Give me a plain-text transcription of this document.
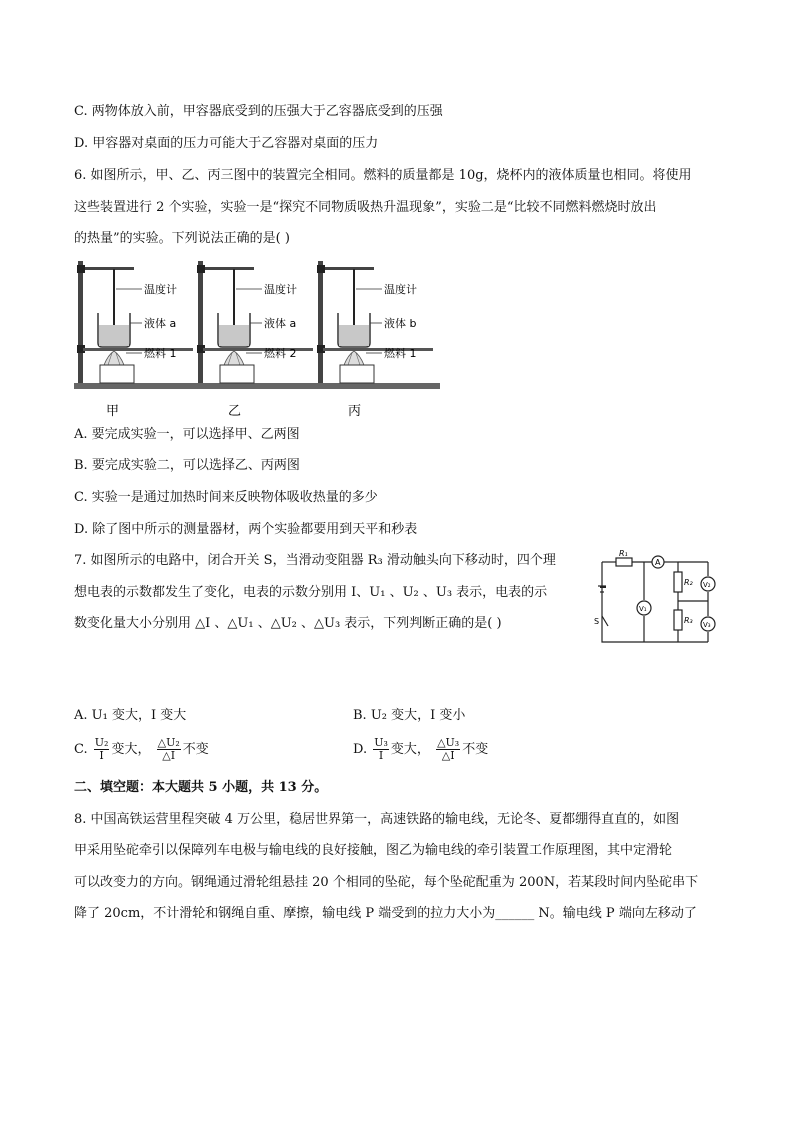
C. 两物体放入前，甲容器底受到的压强大于乙容器底受到的压强
D. 甲容器对桌面的压力可能大于乙容器对桌面的压力
6. 如图所示，甲、乙、丙三图中的装置完全相同。燃料的质量都是 10g，烧杯内的液体质量也相同。将使用
这些装置进行 2 个实验，实验一是“探究不同物质吸热升温现象”，实验二是“比较不同燃料燃烧时放出
的热量”的实验。下列说法正确的是( )
温度计
液体 a
燃料 1
甲
温度计
液体 a
燃料 2
乙
温度计
液体 b
燃料 1
丙
A. 要完成实验一，可以选择甲、乙两图
B. 要完成实验二，可以选择乙、丙两图
C. 实验一是通过加热时间来反映物体吸收热量的多少
D. 除了图中所示的测量器材，两个实验都要用到天平和秒表
7. 如图所示的电路中，闭合开关 S，当滑动变阻器 R₃ 滑动触头向下移动时，四个理
想电表的示数都发生了变化，电表的示数分别用 I、U₁ 、U₂ 、U₃ 表示，电表的示
数变化量大小分别用 △I 、△U₁ 、△U₂ 、△U₃ 表示，下列判断正确的是( )
R₁
A
R₂
R₃
V₁
V₂
V₃
S
A. U₁ 变大，I 变大	B. U₂ 变大，I 变小
C. $\frac{\text{U₂}}{I}$ 变大， $\frac{\text{△U₂}}{\triangle I}$ 不变	D. $\frac{\text{U₃}}{I}$ 变大， $\frac{\text{△U₃}}{\triangle I}$ 不变
二、填空题：本大题共 5 小题，共 13 分。
8. 中国高铁运营里程突破 4 万公里，稳居世界第一，高速铁路的输电线，无论冬、夏都绷得直直的，如图
甲采用坠砣牵引以保障列车电极与输电线的良好接触，图乙为输电线的牵引装置工作原理图，其中定滑轮
可以改变力的方向。钢绳通过滑轮组悬挂 20 个相同的坠砣，每个坠砣配重为 200N，若某段时间内坠砣串下
降了 20cm，不计滑轮和钢绳自重、摩擦，输电线 P 端受到的拉力大小为______ N。输电线 P 端向左移动了
